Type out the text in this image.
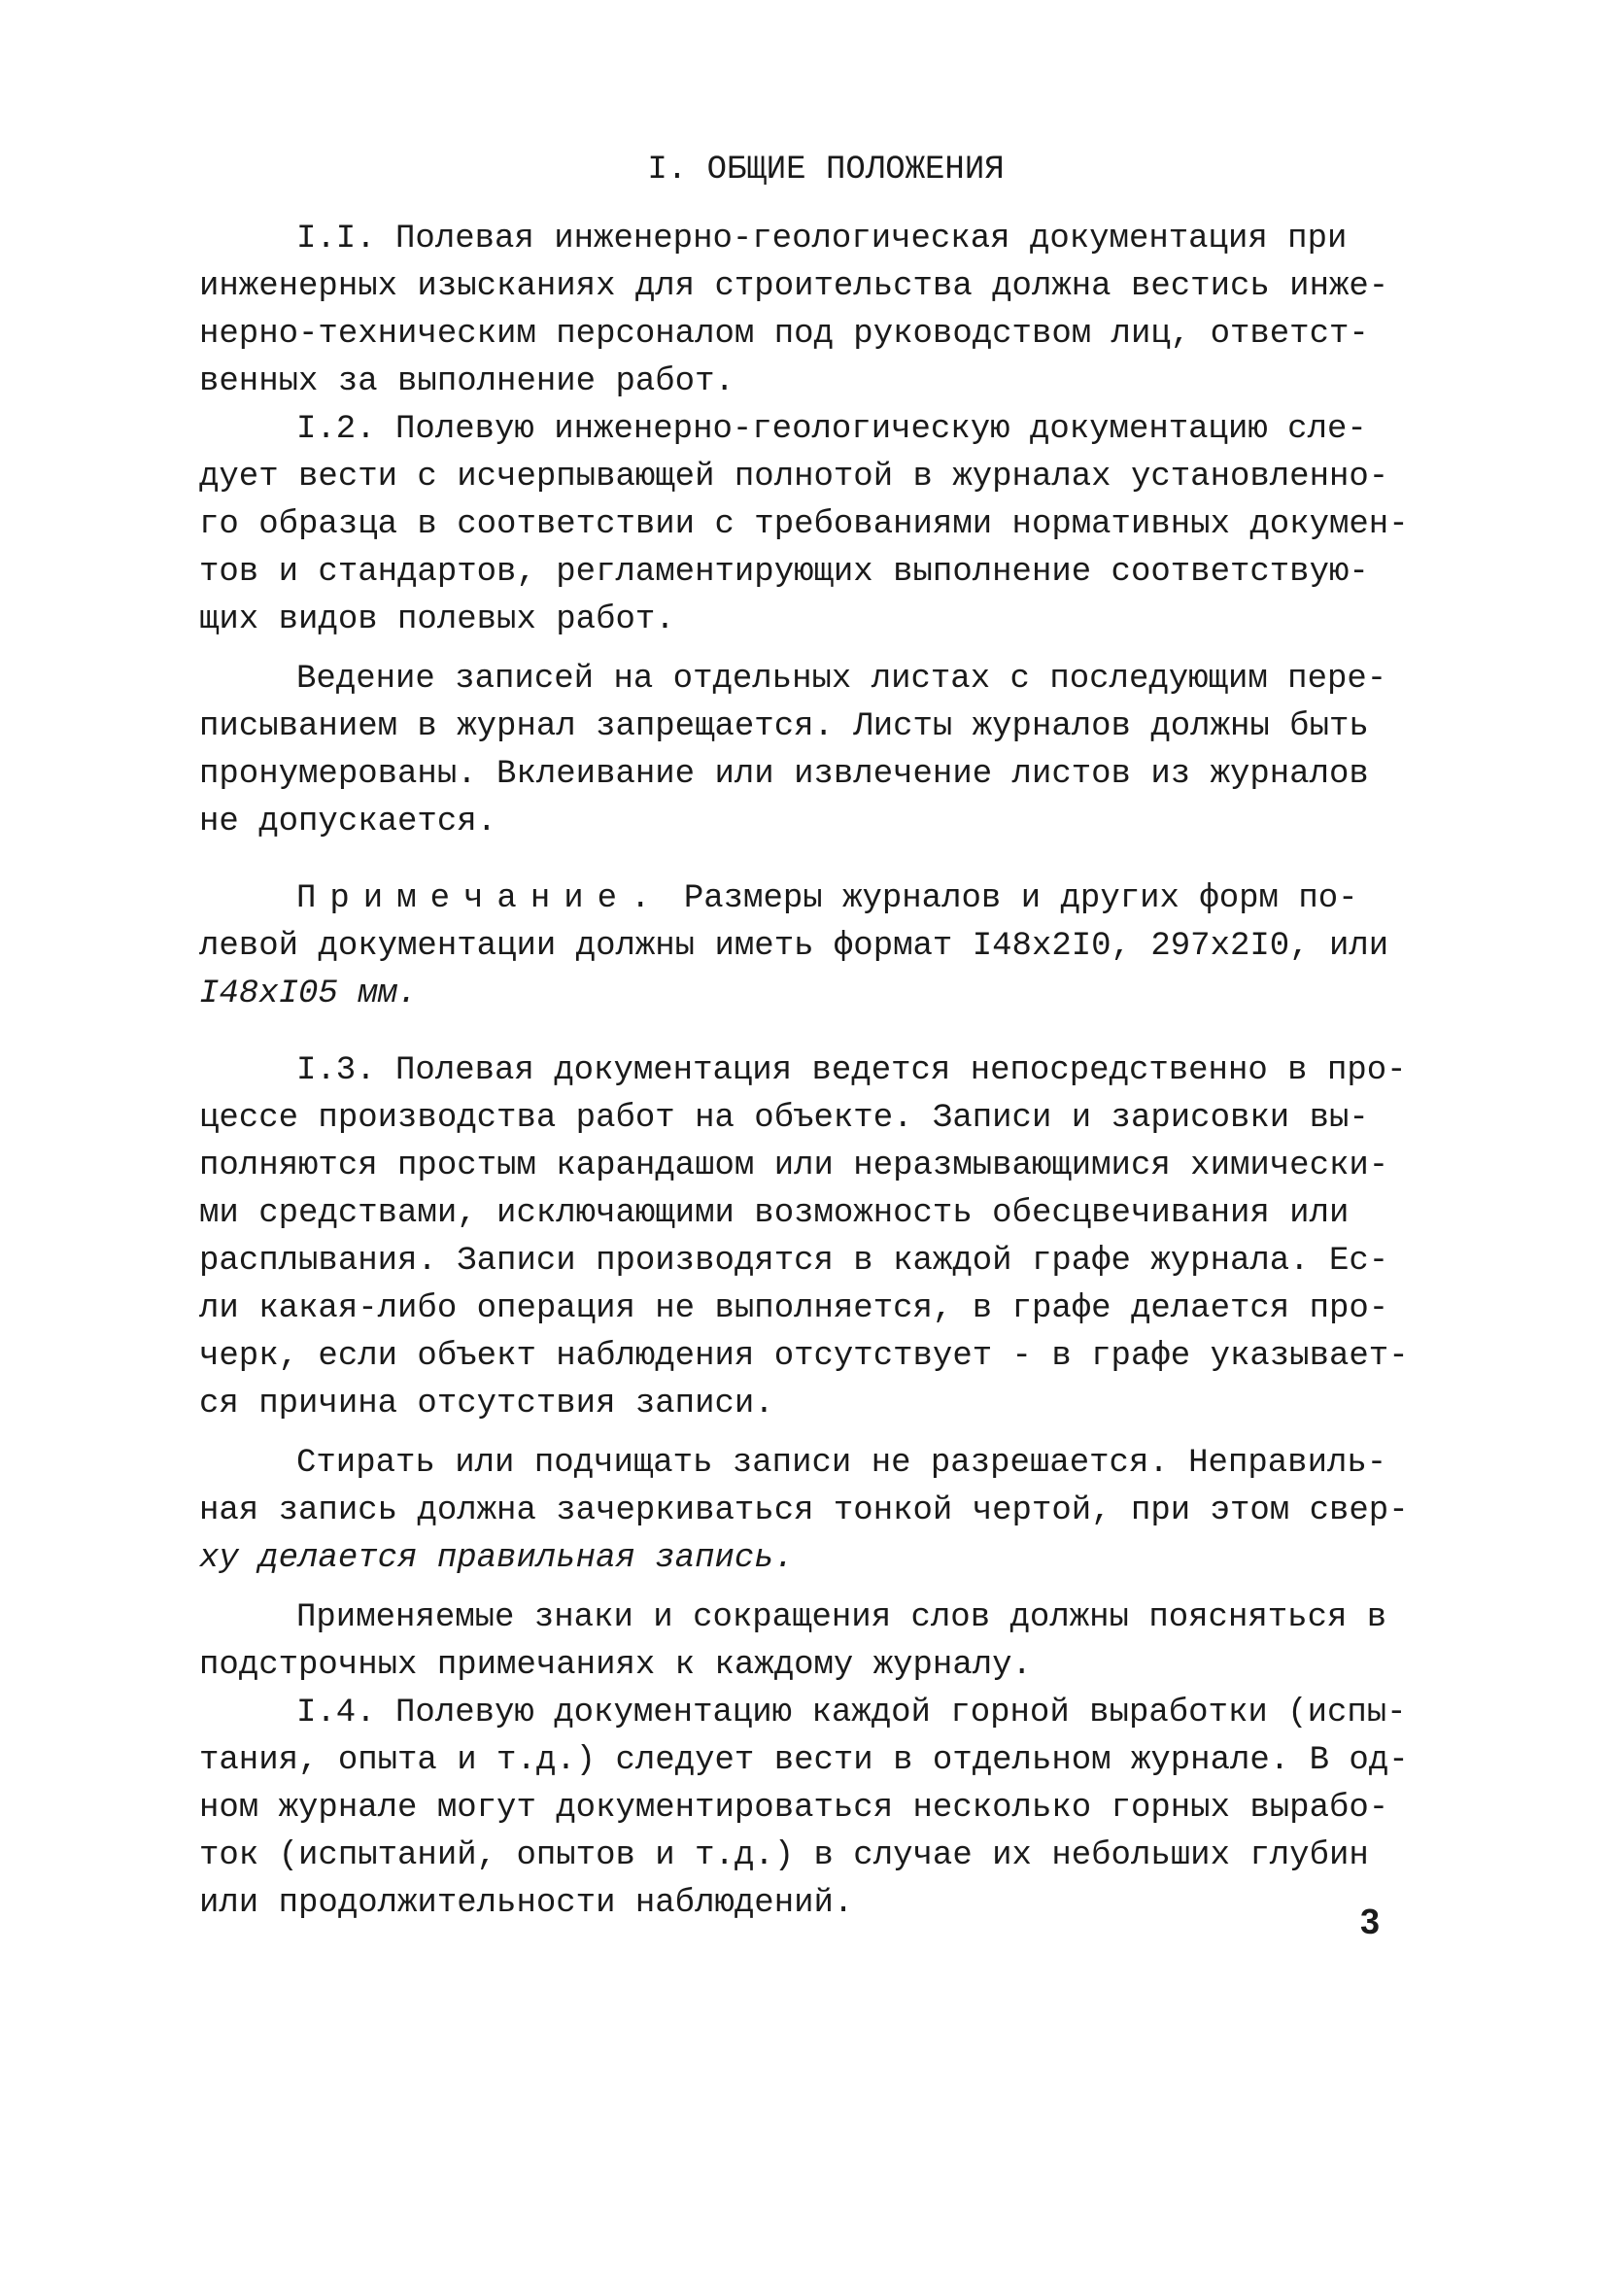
I. ОБЩИЕ ПОЛОЖЕНИЯ
I.I. Полевая инженерно-геологическая документация при
инженерных изысканиях для строительства должна вестись инже-
нерно-техническим персоналом под руководством лиц, ответст-
венных за выполнение работ.
I.2. Полевую инженерно-геологическую документацию сле-
дует вести с исчерпывающей полнотой в журналах установленно-
го образца в соответствии с требованиями нормативных докумен-
тов и стандартов, регламентирующих выполнение соответствую-
щих видов полевых работ.
Ведение записей на отдельных листах с последующим пере-
писыванием в журнал запрещается. Листы журналов должны быть
пронумерованы. Вклеивание или извлечение листов из журналов
не допускается.
Примечание. Размеры журналов и других форм по-
левой документации должны иметь формат I48x2I0, 297x2I0, или
I48xI05 мм.
I.3. Полевая документация ведется непосредственно в про-
цессе производства работ на объекте. Записи и зарисовки вы-
полняются простым карандашом или неразмывающимися химически-
ми средствами, исключающими возможность обесцвечивания или
расплывания. Записи производятся в каждой графе журнала. Ес-
ли какая-либо операция не выполняется, в графе делается про-
черк, если объект наблюдения отсутствует - в графе указывает-
ся причина отсутствия записи.
Стирать или подчищать записи не разрешается. Неправиль-
ная запись должна зачеркиваться тонкой чертой, при этом свер-
ху делается правильная запись.
Применяемые знаки и сокращения слов должны поясняться в
подстрочных примечаниях к каждому журналу.
I.4. Полевую документацию каждой горной выработки (испы-
тания, опыта и т.д.) следует вести в отдельном журнале. В од-
ном журнале могут документироваться несколько горных вырабо-
ток (испытаний, опытов и т.д.) в случае их небольших глубин
или продолжительности наблюдений.	3
